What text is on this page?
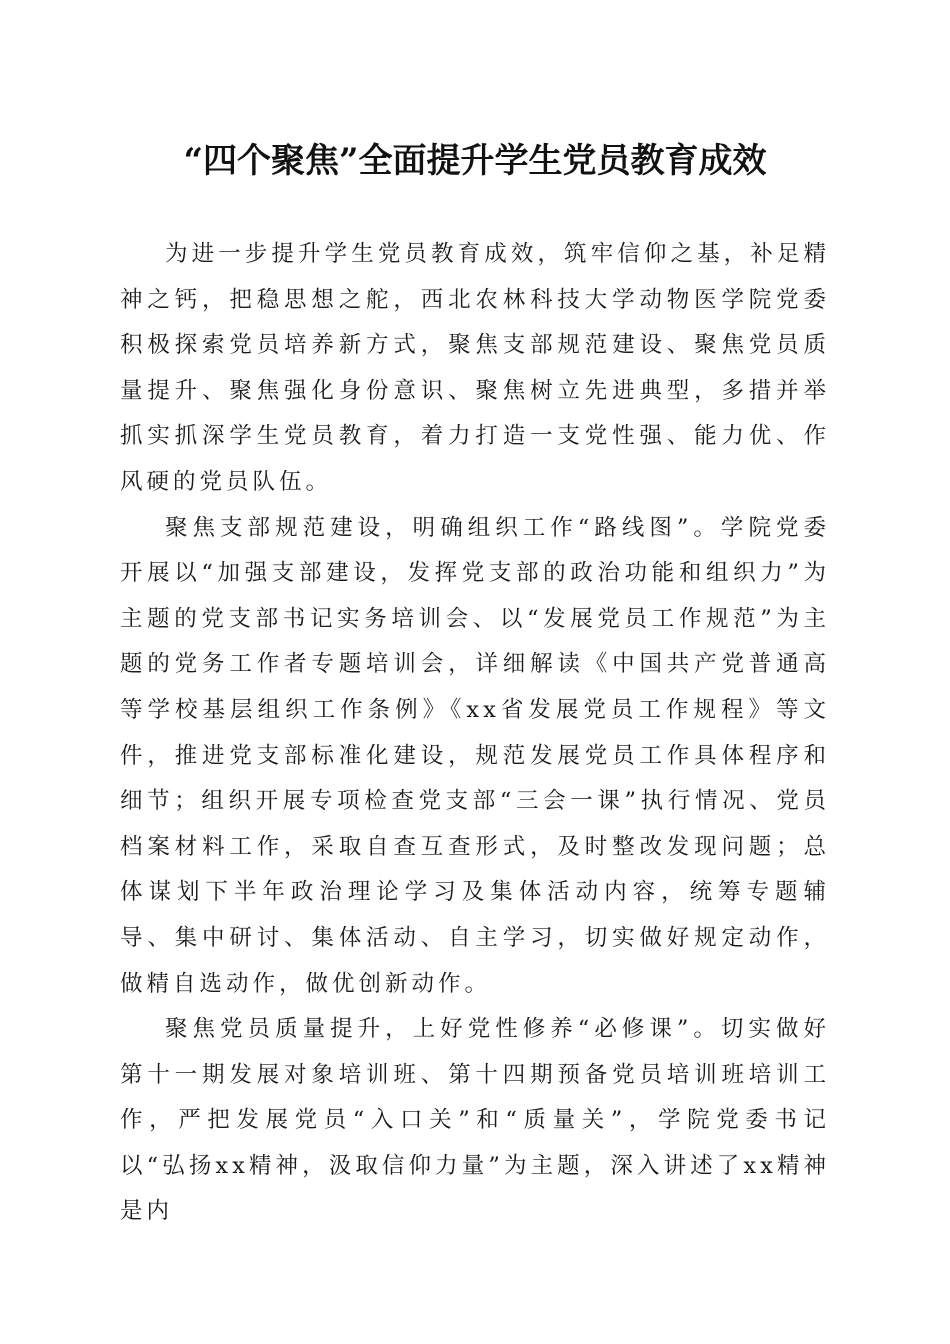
“四个聚焦”全面提升学生党员教育成效

为进一步提升学生党员教育成效，筑牢信仰之基，补足精神之钙，把稳思想之舵，西北农林科技大学动物医学院党委积极探索党员培养新方式，聚焦支部规范建设、聚焦党员质量提升、聚焦强化身份意识、聚焦树立先进典型，多措并举抓实抓深学生党员教育，着力打造一支党性强、能力优、作风硬的党员队伍。

聚焦支部规范建设，明确组织工作“路线图”。学院党委开展以“加强支部建设，发挥党支部的政治功能和组织力”为主题的党支部书记实务培训会、以“发展党员工作规范”为主题的党务工作者专题培训会，详细解读《中国共产党普通高等学校基层组织工作条例》《xx省发展党员工作规程》等文件，推进党支部标准化建设，规范发展党员工作具体程序和细节；组织开展专项检查党支部“三会一课”执行情况、党员档案材料工作，采取自查互查形式，及时整改发现问题；总体谋划下半年政治理论学习及集体活动内容，统筹专题辅导、集中研讨、集体活动、自主学习，切实做好规定动作，做精自选动作，做优创新动作。

聚焦党员质量提升，上好党性修养“必修课”。切实做好第十一期发展对象培训班、第十四期预备党员培训班培训工作，严把发展党员“入口关”和“质量关”，学院党委书记以“弘扬xx精神，汲取信仰力量”为主题，深入讲述了xx精神是内
